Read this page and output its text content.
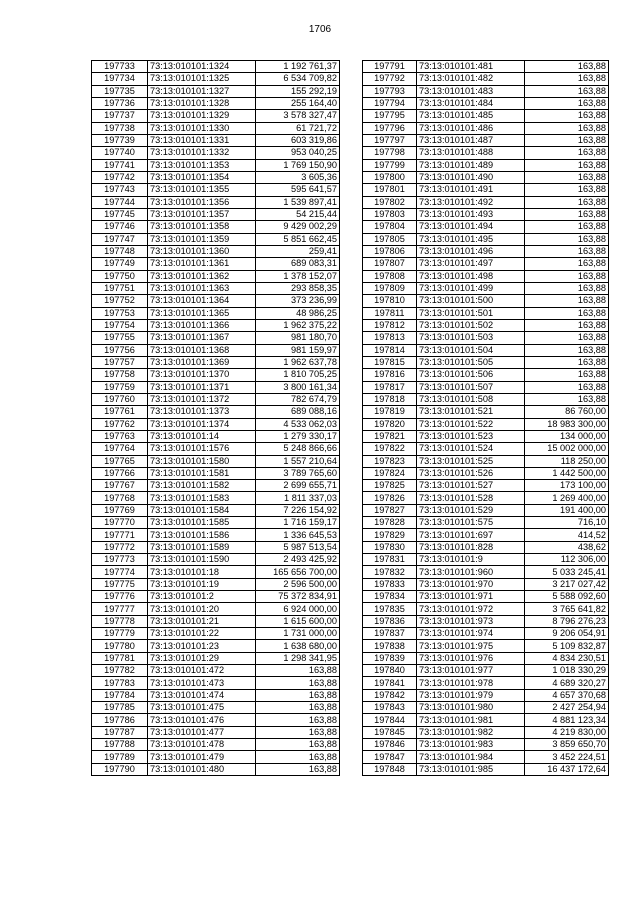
1706
197733	73:13:010101:1324	1 192 761,37
197734	73:13:010101:1325	6 534 709,82
197735	73:13:010101:1327	155 292,19
197736	73:13:010101:1328	255 164,40
197737	73:13:010101:1329	3 578 327,47
197738	73:13:010101:1330	61 721,72
197739	73:13:010101:1331	603 319,86
197740	73:13:010101:1332	953 040,25
197741	73:13:010101:1353	1 769 150,90
197742	73:13:010101:1354	3 605,36
197743	73:13:010101:1355	595 641,57
197744	73:13:010101:1356	1 539 897,41
197745	73:13:010101:1357	54 215,44
197746	73:13:010101:1358	9 429 002,29
197747	73:13:010101:1359	5 851 662,45
197748	73:13:010101:1360	259,41
197749	73:13:010101:1361	689 083,31
197750	73:13:010101:1362	1 378 152,07
197751	73:13:010101:1363	293 858,35
197752	73:13:010101:1364	373 236,99
197753	73:13:010101:1365	48 986,25
197754	73:13:010101:1366	1 962 375,22
197755	73:13:010101:1367	981 180,70
197756	73:13:010101:1368	981 159,97
197757	73:13:010101:1369	1 962 637,78
197758	73:13:010101:1370	1 810 705,25
197759	73:13:010101:1371	3 800 161,34
197760	73:13:010101:1372	782 674,79
197761	73:13:010101:1373	689 088,16
197762	73:13:010101:1374	4 533 062,03
197763	73:13:010101:14	1 279 330,17
197764	73:13:010101:1576	5 248 866,66
197765	73:13:010101:1580	1 557 210,64
197766	73:13:010101:1581	3 789 765,60
197767	73:13:010101:1582	2 699 655,71
197768	73:13:010101:1583	1 811 337,03
197769	73:13:010101:1584	7 226 154,92
197770	73:13:010101:1585	1 716 159,17
197771	73:13:010101:1586	1 336 645,53
197772	73:13:010101:1589	5 987 513,54
197773	73:13:010101:1590	2 493 425,92
197774	73:13:010101:18	165 656 700,00
197775	73:13:010101:19	2 596 500,00
197776	73:13:010101:2	75 372 834,91
197777	73:13:010101:20	6 924 000,00
197778	73:13:010101:21	1 615 600,00
197779	73:13:010101:22	1 731 000,00
197780	73:13:010101:23	1 638 680,00
197781	73:13:010101:29	1 298 341,95
197782	73:13:010101:472	163,88
197783	73:13:010101:473	163,88
197784	73:13:010101:474	163,88
197785	73:13:010101:475	163,88
197786	73:13:010101:476	163,88
197787	73:13:010101:477	163,88
197788	73:13:010101:478	163,88
197789	73:13:010101:479	163,88
197790	73:13:010101:480	163,88
197791	73:13:010101:481	163,88
197792	73:13:010101:482	163,88
197793	73:13:010101:483	163,88
197794	73:13:010101:484	163,88
197795	73:13:010101:485	163,88
197796	73:13:010101:486	163,88
197797	73:13:010101:487	163,88
197798	73:13:010101:488	163,88
197799	73:13:010101:489	163,88
197800	73:13:010101:490	163,88
197801	73:13:010101:491	163,88
197802	73:13:010101:492	163,88
197803	73:13:010101:493	163,88
197804	73:13:010101:494	163,88
197805	73:13:010101:495	163,88
197806	73:13:010101:496	163,88
197807	73:13:010101:497	163,88
197808	73:13:010101:498	163,88
197809	73:13:010101:499	163,88
197810	73:13:010101:500	163,88
197811	73:13:010101:501	163,88
197812	73:13:010101:502	163,88
197813	73:13:010101:503	163,88
197814	73:13:010101:504	163,88
197815	73:13:010101:505	163,88
197816	73:13:010101:506	163,88
197817	73:13:010101:507	163,88
197818	73:13:010101:508	163,88
197819	73:13:010101:521	86 760,00
197820	73:13:010101:522	18 983 300,00
197821	73:13:010101:523	134 000,00
197822	73:13:010101:524	15 002 000,00
197823	73:13:010101:525	118 250,00
197824	73:13:010101:526	1 442 500,00
197825	73:13:010101:527	173 100,00
197826	73:13:010101:528	1 269 400,00
197827	73:13:010101:529	191 400,00
197828	73:13:010101:575	716,10
197829	73:13:010101:697	414,52
197830	73:13:010101:828	438,62
197831	73:13:010101:9	112 306,00
197832	73:13:010101:960	5 033 245,41
197833	73:13:010101:970	3 217 027,42
197834	73:13:010101:971	5 588 092,60
197835	73:13:010101:972	3 765 641,82
197836	73:13:010101:973	8 796 276,23
197837	73:13:010101:974	9 206 054,91
197838	73:13:010101:975	5 109 832,87
197839	73:13:010101:976	4 834 230,51
197840	73:13:010101:977	1 018 330,29
197841	73:13:010101:978	4 689 320,27
197842	73:13:010101:979	4 657 370,68
197843	73:13:010101:980	2 427 254,94
197844	73:13:010101:981	4 881 123,34
197845	73:13:010101:982	4 219 830,00
197846	73:13:010101:983	3 859 650,70
197847	73:13:010101:984	3 452 224,51
197848	73:13:010101:985	16 437 172,64
